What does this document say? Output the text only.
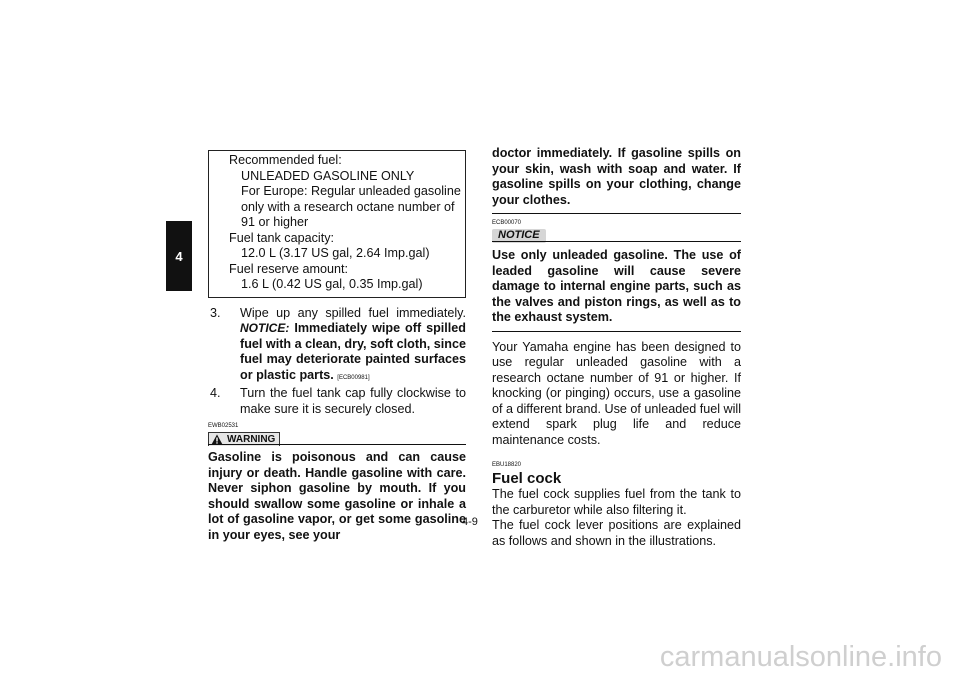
4
Recommended fuel:
UNLEADED GASOLINE ONLY
For Europe: Regular unleaded gasoline only with a research octane number of 91 or higher
Fuel tank capacity:
12.0 L (3.17 US gal, 2.64 Imp.gal)
Fuel reserve amount:
1.6 L (0.42 US gal, 0.35 Imp.gal)
3.	Wipe up any spilled fuel immediately. NOTICE: Immediately wipe off spilled fuel with a clean, dry, soft cloth, since fuel may deteriorate painted surfaces or plastic parts. [ECB00981]
4.	Turn the fuel tank cap fully clockwise to make sure it is securely closed.
EWB02531
WARNING
Gasoline is poisonous and can cause injury or death. Handle gasoline with care. Never siphon gasoline by mouth. If you should swallow some gasoline or inhale a lot of gasoline vapor, or get some gasoline in your eyes, see your
doctor immediately. If gasoline spills on your skin, wash with soap and water. If gasoline spills on your clothing, change your clothes.
ECB00070
NOTICE
Use only unleaded gasoline. The use of leaded gasoline will cause severe damage to internal engine parts, such as the valves and piston rings, as well as to the exhaust system.
Your Yamaha engine has been designed to use regular unleaded gasoline with a research octane number of 91 or higher. If knocking (or pinging) occurs, use a gasoline of a different brand. Use of unleaded fuel will extend spark plug life and reduce maintenance costs.
EBU18820
Fuel cock
The fuel cock supplies fuel from the tank to the carburetor while also filtering it.
The fuel cock lever positions are explained as follows and shown in the illustrations.
4-9
carmanualsonline.info
